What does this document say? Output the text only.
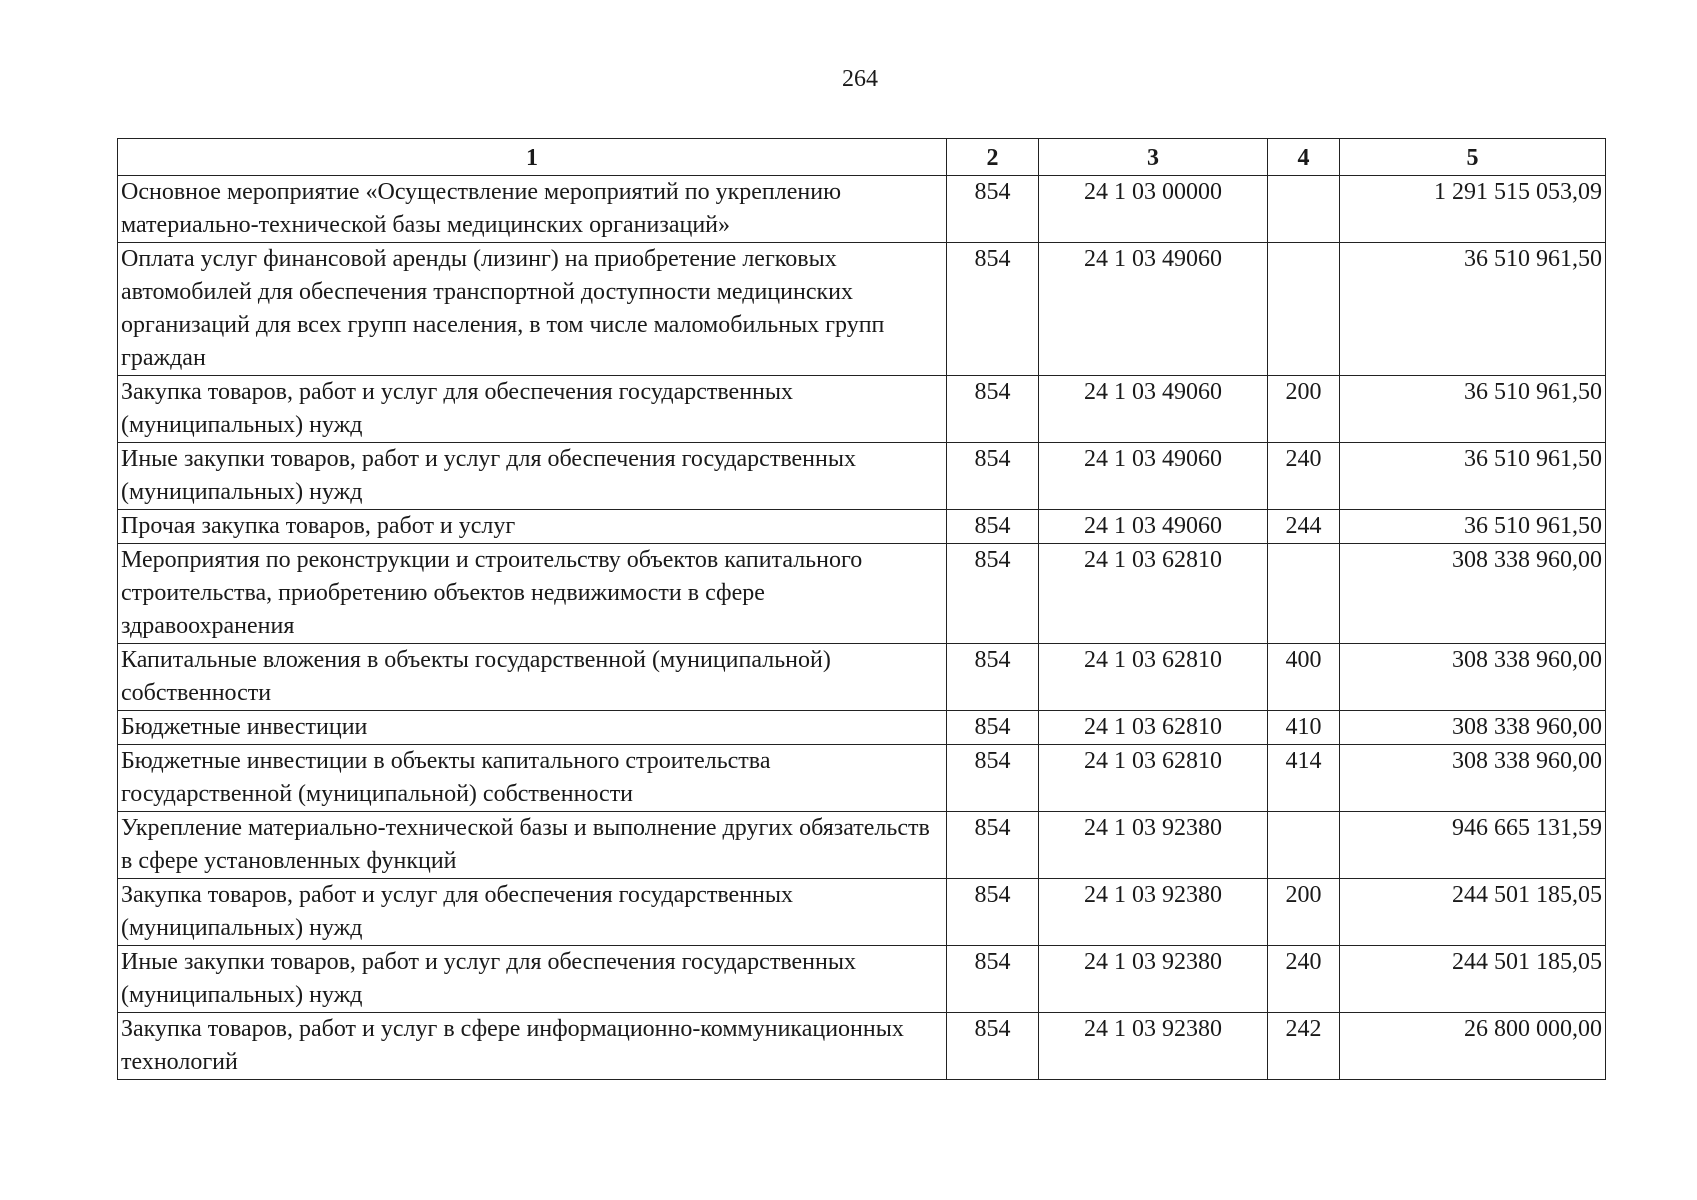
264
1	2	3	4	5
Основное мероприятие «Осуществление мероприятий по укреплению материально-технической базы медицинских организаций»	854	24 1 03 00000		1 291 515 053,09
Оплата услуг финансовой аренды (лизинг) на приобретение легковых автомобилей для обеспечения транспортной доступности медицинских организаций для всех групп населения, в том числе маломобильных групп граждан	854	24 1 03 49060		36 510 961,50
Закупка товаров, работ и услуг для обеспечения государственных (муниципальных) нужд	854	24 1 03 49060	200	36 510 961,50
Иные закупки товаров, работ и услуг для обеспечения государственных (муниципальных) нужд	854	24 1 03 49060	240	36 510 961,50
Прочая закупка товаров, работ и услуг	854	24 1 03 49060	244	36 510 961,50
Мероприятия по реконструкции и строительству объектов капитального строительства, приобретению объектов недвижимости в сфере здравоохранения	854	24 1 03 62810		308 338 960,00
Капитальные вложения в объекты государственной (муниципальной) собственности	854	24 1 03 62810	400	308 338 960,00
Бюджетные инвестиции	854	24 1 03 62810	410	308 338 960,00
Бюджетные инвестиции в объекты капитального строительства государственной (муниципальной) собственности	854	24 1 03 62810	414	308 338 960,00
Укрепление материально-технической базы и выполнение других обязательств в сфере установленных функций	854	24 1 03 92380		946 665 131,59
Закупка товаров, работ и услуг для обеспечения государственных (муниципальных) нужд	854	24 1 03 92380	200	244 501 185,05
Иные закупки товаров, работ и услуг для обеспечения государственных (муниципальных) нужд	854	24 1 03 92380	240	244 501 185,05
Закупка товаров, работ и услуг в сфере информационно-коммуникационных технологий	854	24 1 03 92380	242	26 800 000,00
